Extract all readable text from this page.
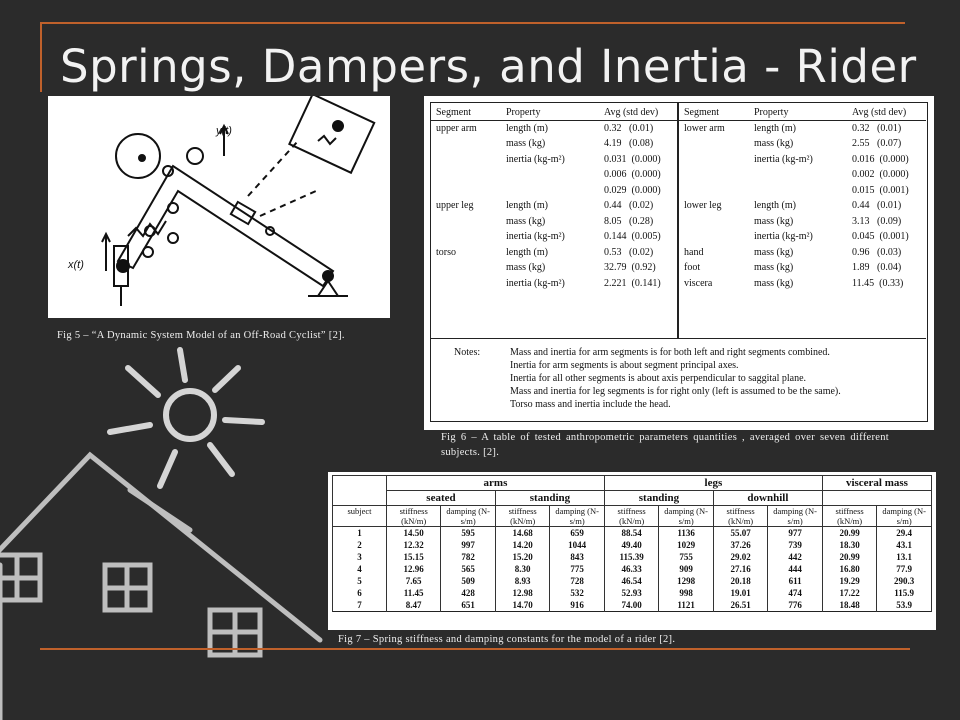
Springs, Dampers, and Inertia - Rider
y(t)
x(t)
Fig 5 – “A Dynamic System Model of an Off-Road Cyclist” [2].
Segment	Property	Avg (std dev)
upper arm	length (m)	0.32   (0.01)
	mass (kg)	4.19   (0.08)
	inertia (kg-m²)	0.031  (0.000)
		0.006  (0.000)
		0.029  (0.000)
upper leg	length (m)	0.44   (0.02)
	mass (kg)	8.05   (0.28)
	inertia (kg-m²)	0.144  (0.005)
torso	length (m)	0.53   (0.02)
	mass (kg)	32.79  (0.92)
	inertia (kg-m²)	2.221  (0.141)
Segment	Property	Avg (std dev)
lower arm	length (m)	0.32   (0.01)
	mass (kg)	2.55   (0.07)
	inertia (kg-m²)	0.016  (0.000)
		0.002  (0.000)
		0.015  (0.001)
lower leg	length (m)	0.44   (0.01)
	mass (kg)	3.13   (0.09)
	inertia (kg-m²)	0.045  (0.001)
hand	mass (kg)	0.96   (0.03)
foot	mass (kg)	1.89   (0.04)
viscera	mass (kg)	11.45  (0.33)
Notes:	Mass and inertia for arm segments is for both left and right segments combined.
Inertia for arm segments is about segment principal axes.
Inertia for all other segments is about axis perpendicular to saggital plane.
Mass and inertia for leg segments is for right only (left is assumed to be the same).
Torso mass and inertia include the head.
Fig 6 – A table of tested anthropometric parameters quantities , averaged over seven different subjects. [2].
	arms				legs				visceral mass	
	seated		standing		standing		downhill			
subject	stiffness (kN/m)	damping (N-s/m)	stiffness (kN/m)	damping (N-s/m)	stiffness (kN/m)	damping (N-s/m)	stiffness (kN/m)	damping (N-s/m)	stiffness (kN/m)	damping (N-s/m)
1	14.50	595	14.68	659	88.54	1136	55.07	977	20.99	29.4
2	12.32	997	14.20	1044	49.40	1029	37.26	739	18.30	43.1
3	15.15	782	15.20	843	115.39	755	29.02	442	20.99	13.1
4	12.96	565	8.30	775	46.33	909	27.16	444	16.80	77.9
5	7.65	509	8.93	728	46.54	1298	20.18	611	19.29	290.3
6	11.45	428	12.98	532	52.93	998	19.01	474	17.22	115.9
7	8.47	651	14.70	916	74.00	1121	26.51	776	18.48	53.9
Fig 7 – Spring stiffness and damping constants for the model of a rider [2].
